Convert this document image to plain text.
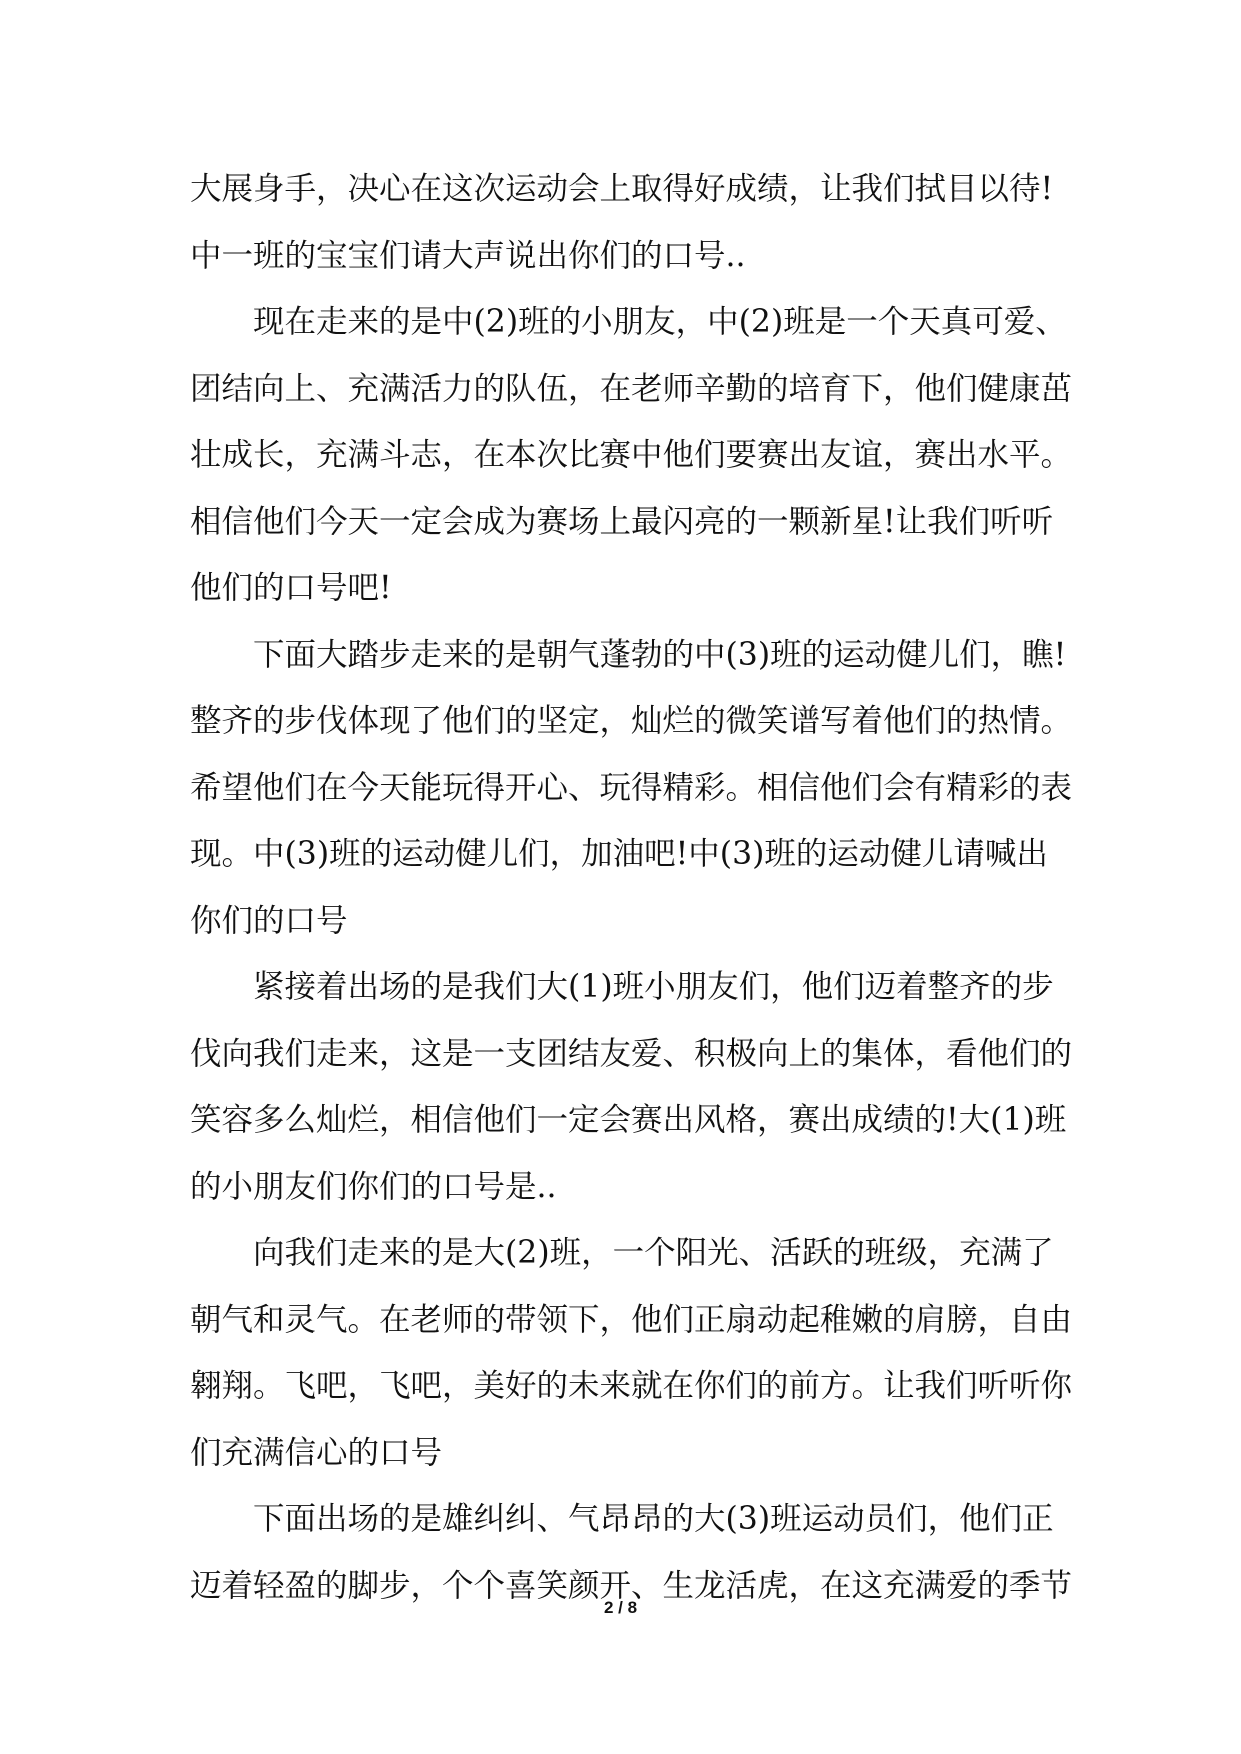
大展身手，决心在这次运动会上取得好成绩，让我们拭目以待!
中一班的宝宝们请大声说出你们的口号..
现在走来的是中(2)班的小朋友，中(2)班是一个天真可爱、
团结向上、充满活力的队伍，在老师辛勤的培育下，他们健康茁
壮成长，充满斗志，在本次比赛中他们要赛出友谊，赛出水平。
相信他们今天一定会成为赛场上最闪亮的一颗新星!让我们听听
他们的口号吧!
下面大踏步走来的是朝气蓬勃的中(3)班的运动健儿们，瞧!
整齐的步伐体现了他们的坚定，灿烂的微笑谱写着他们的热情。
希望他们在今天能玩得开心、玩得精彩。相信他们会有精彩的表
现。中(3)班的运动健儿们，加油吧!中(3)班的运动健儿请喊出
你们的口号
紧接着出场的是我们大(1)班小朋友们，他们迈着整齐的步
伐向我们走来，这是一支团结友爱、积极向上的集体，看他们的
笑容多么灿烂，相信他们一定会赛出风格，赛出成绩的!大(1)班
的小朋友们你们的口号是..
向我们走来的是大(2)班，一个阳光、活跃的班级，充满了
朝气和灵气。在老师的带领下，他们正扇动起稚嫩的肩膀，自由
翱翔。飞吧，飞吧，美好的未来就在你们的前方。让我们听听你
们充满信心的口号
下面出场的是雄纠纠、气昂昂的大(3)班运动员们，他们正
迈着轻盈的脚步，个个喜笑颜开、生龙活虎，在这充满爱的季节
2 / 8
